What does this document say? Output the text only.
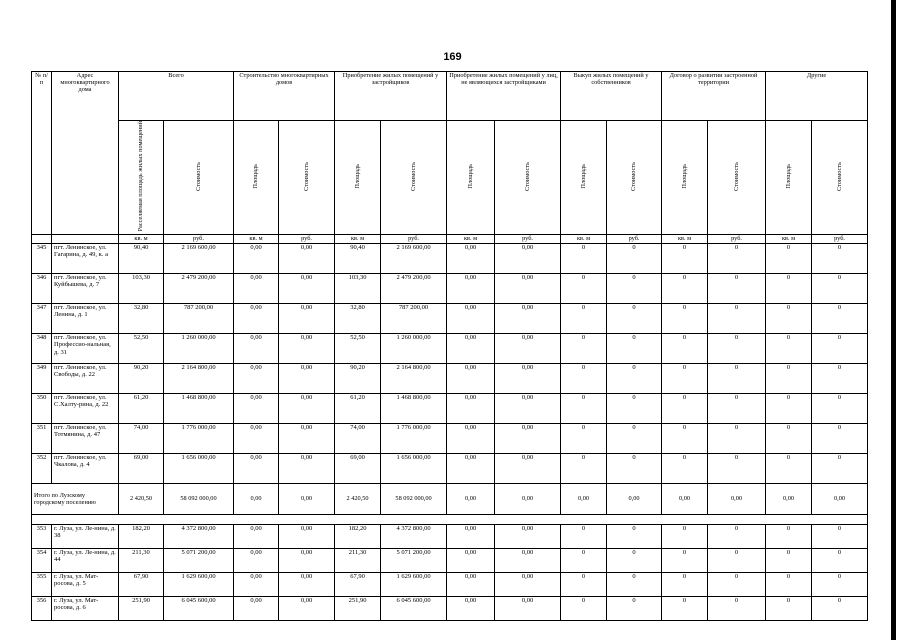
169
№ п/п	Адрес многоквартирного дома	Всего		Строительство многоквартирных домов		Приобретение жилых помещений у застройщиков		Приобретение жилых помещений у лиц, не являющихся застройщиками		Выкуп жилых помещений у собственников		Договор о развитии застроенной территории		Другие	
		Расселяемая площадь жилых помещений	Стоимость	Площадь	Стоимость	Площадь	Стоимость	Площадь	Стоимость	Площадь	Стоимость	Площадь	Стоимость	Площадь	Стоимость
		кв. м	руб.	кв. м	руб.	кв. м	руб.	кв. м	руб.	кв. м	руб.	кв. м	руб.	кв. м	руб.
345	пгт. Ленинское, ул. Гагарина, д. 49, к. а	90,40	2 169 600,00	0,00	0,00	90,40	2 169 600,00	0,00	0,00	0	0	0	0	0	0
346	пгт. Ленинское, ул. Куйбышева, д. 7	103,30	2 479 200,00	0,00	0,00	103,30	2 479 200,00	0,00	0,00	0	0	0	0	0	0
347	пгт. Ленинское, ул. Ленина, д. 1	32,80	787 200,00	0,00	0,00	32,80	787 200,00	0,00	0,00	0	0	0	0	0	0
348	пгт. Ленинское, ул. Профессио-нальная, д. 31	52,50	1 260 000,00	0,00	0,00	52,50	1 260 000,00	0,00	0,00	0	0	0	0	0	0
349	пгт. Ленинское, ул. Свободы, д. 22	90,20	2 164 800,00	0,00	0,00	90,20	2 164 800,00	0,00	0,00	0	0	0	0	0	0
350	пгт. Ленинское, ул. С.Халту-рина, д. 22	61,20	1 468 800,00	0,00	0,00	61,20	1 468 800,00	0,00	0,00	0	0	0	0	0	0
351	пгт. Ленинское, ул. Тотмянина, д. 47	74,00	1 776 000,00	0,00	0,00	74,00	1 776 000,00	0,00	0,00	0	0	0	0	0	0
352	пгт. Ленинское, ул. Чкалова, д. 4	69,00	1 656 000,00	0,00	0,00	69,00	1 656 000,00	0,00	0,00	0	0	0	0	0	0
Итого по Лузскому городскому поселению		2 420,50	58 092 000,00	0,00	0,00	2 420,50	58 092 000,00	0,00	0,00	0,00	0,00	0,00	0,00	0,00	0,00

353	г. Луза, ул. Ле-нина, д. 38	182,20	4 372 800,00	0,00	0,00	182,20	4 372 800,00	0,00	0,00	0	0	0	0	0	0
354	г. Луза, ул. Ле-нина, д. 44	211,30	5 071 200,00	0,00	0,00	211,30	5 071 200,00	0,00	0,00	0	0	0	0	0	0
355	г. Луза, ул. Мат-росова, д. 5	67,90	1 629 600,00	0,00	0,00	67,90	1 629 600,00	0,00	0,00	0	0	0	0	0	0
356	г. Луза, ул. Мат-росова, д. 6	251,90	6 045 600,00	0,00	0,00	251,90	6 045 600,00	0,00	0,00	0	0	0	0	0	0
